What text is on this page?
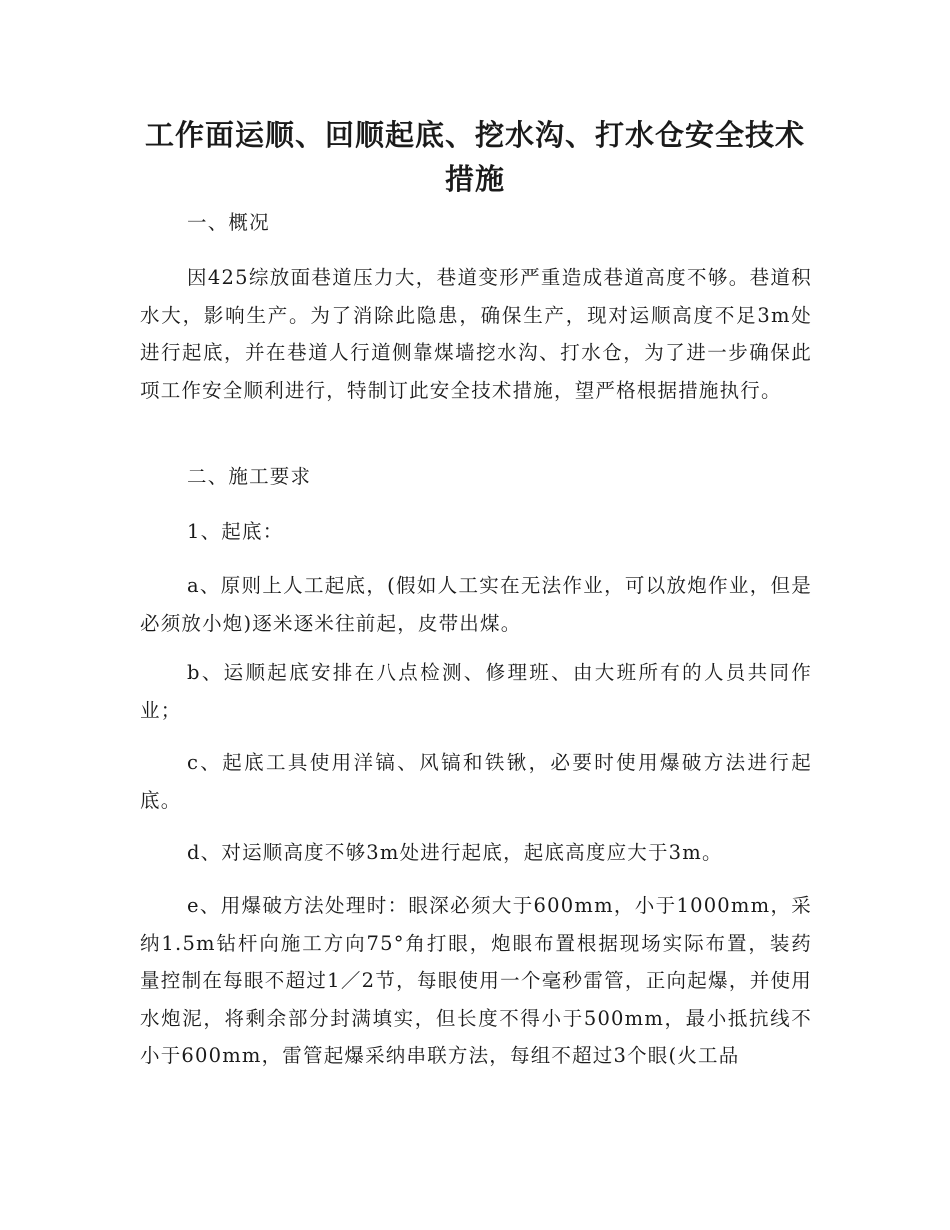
工作面运顺、回顺起底、挖水沟、打水仓安全技术措施

一、概况

因425综放面巷道压力大，巷道变形严重造成巷道高度不够。巷道积水大，影响生产。为了消除此隐患，确保生产，现对运顺高度不足3m处进行起底，并在巷道人行道侧靠煤墙挖水沟、打水仓，为了进一步确保此项工作安全顺利进行，特制订此安全技术措施，望严格根据措施执行。

二、施工要求

1、起底：

a、原则上人工起底，(假如人工实在无法作业，可以放炮作业，但是必须放小炮)逐米逐米往前起，皮带出煤。

b、运顺起底安排在八点检测、修理班、由大班所有的人员共同作业；

c、起底工具使用洋镐、风镐和铁锹，必要时使用爆破方法进行起底。

d、对运顺高度不够3m处进行起底，起底高度应大于3m。

e、用爆破方法处理时：眼深必须大于600mm，小于1000mm，采纳1.5m钻杆向施工方向75°角打眼，炮眼布置根据现场实际布置，装药量控制在每眼不超过1／2节，每眼使用一个毫秒雷管，正向起爆，并使用水炮泥，将剩余部分封满填实，但长度不得小于500mm，最小抵抗线不小于600mm，雷管起爆采纳串联方法，每组不超过3个眼(火工品
